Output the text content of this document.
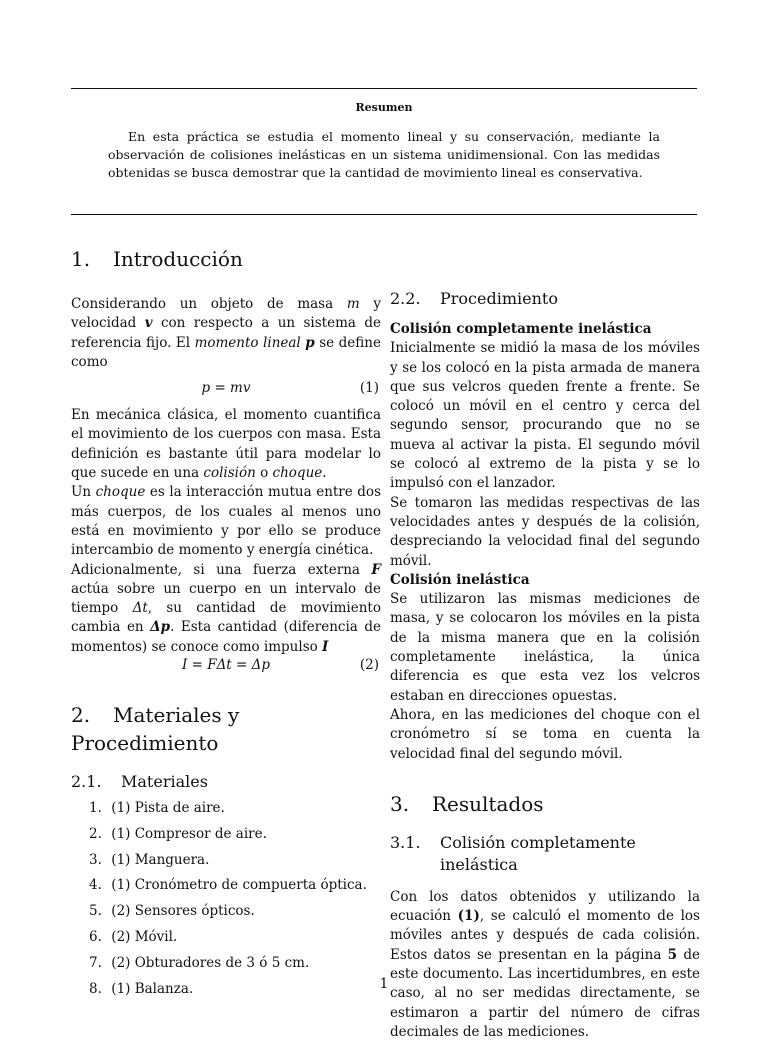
Resumen

En esta práctica se estudia el momento lineal y su conservación, mediante la observación de colisiones inelásticas en un sistema unidimensional. Con las medidas obtenidas se busca demostrar que la cantidad de movimiento lineal es conservativa.

1. Introducción

Considerando un objeto de masa m y velocidad v con respecto a un sistema de referencia fijo. El momento lineal p se define como

p = mv	(1)

En mecánica clásica, el momento cuantifica el movimiento de los cuerpos con masa. Esta definición es bastante útil para modelar lo que sucede en una colisión o choque.

Un choque es la interacción mutua entre dos más cuerpos, de los cuales al menos uno está en movimiento y por ello se produce intercambio de momento y energía cinética.

Adicionalmente, si una fuerza externa F actúa sobre un cuerpo en un intervalo de tiempo Δt, su cantidad de movimiento cambia en Δp. Esta cantidad (diferencia de momentos) se conoce como impulso I

I = FΔt = Δp	(2)
2. Materiales y Procedimiento
2.1. Materiales
1. (1) Pista de aire.
2. (1) Compresor de aire.
3. (1) Manguera.
4. (1) Cronómetro de compuerta óptica.
5. (2) Sensores ópticos.
6. (2) Móvil.
7. (2) Obturadores de 3 ó 5 cm.
8. (1) Balanza.
2.2. Procedimiento
Colisión completamente inelástica

Inicialmente se midió la masa de los móviles y se los colocó en la pista armada de manera que sus velcros queden frente a frente. Se colocó un móvil en el centro y cerca del segundo sensor, procurando que no se mueva al activar la pista. El segundo móvil se colocó al extremo de la pista y se lo impulsó con el lanzador.

Se tomaron las medidas respectivas de las velocidades antes y después de la colisión, despreciando la velocidad final del segundo móvil.

Colisión inelástica

Se utilizaron las mismas mediciones de masa, y se colocaron los móviles en la pista de la misma manera que en la colisión completamente inelástica, la única diferencia es que esta vez los velcros estaban en direcciones opuestas.

Ahora, en las mediciones del choque con el cronómetro sí se toma en cuenta la velocidad final del segundo móvil.

3. Resultados
3.1. Colisión completamente inelástica

Con los datos obtenidos y utilizando la ecuación (1), se calculó el momento de los móviles antes y después de cada colisión. Estos datos se presentan en la página 5 de este documento. Las incertidumbres, en este caso, al no ser medidas directamente, se estimaron a partir del número de cifras decimales de las mediciones.

1
